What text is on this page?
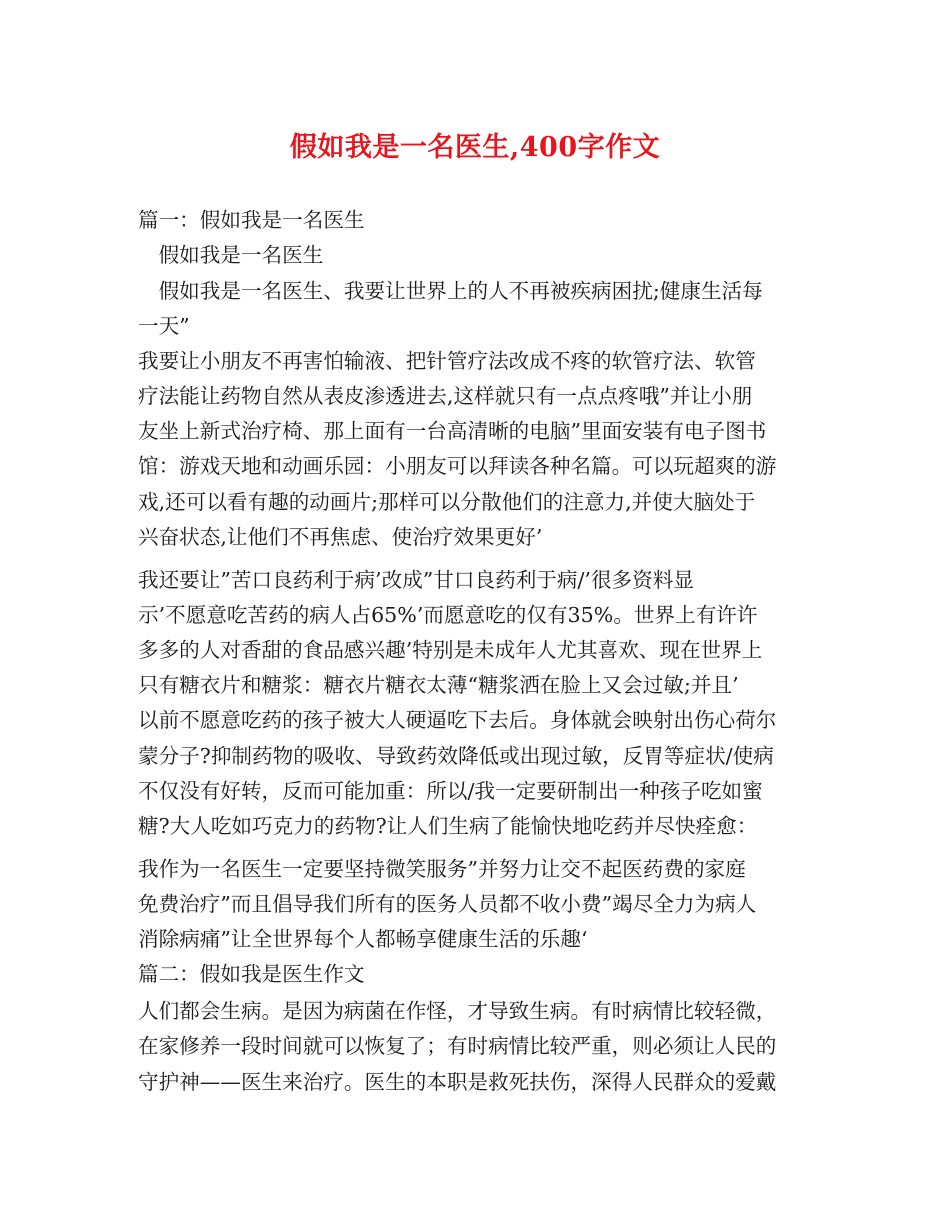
假如我是一名医生,400字作文
篇一：假如我是一名医生
　假如我是一名医生
　假如我是一名医生、我要让世界上的人不再被疾病困扰;健康生活每
一天”
我要让小朋友不再害怕输液、把针管疗法改成不疼的软管疗法、软管
疗法能让药物自然从表皮渗透进去,这样就只有一点点疼哦”并让小朋
友坐上新式治疗椅、那上面有一台高清晰的电脑”里面安装有电子图书
馆：游戏天地和动画乐园：小朋友可以拜读各种名篇。可以玩超爽的游
戏,还可以看有趣的动画片;那样可以分散他们的注意力,并使大脑处于
兴奋状态,让他们不再焦虑、使治疗效果更好’
我还要让”苦口良药利于病’改成”甘口良药利于病/’很多资料显
示’不愿意吃苦药的病人占65%’而愿意吃的仅有35%。世界上有许许
多多的人对香甜的食品感兴趣’特别是未成年人尤其喜欢、现在世界上
只有糖衣片和糖浆：糖衣片糖衣太薄“糖浆洒在脸上又会过敏;并且’
以前不愿意吃药的孩子被大人硬逼吃下去后。身体就会映射出伤心荷尔
蒙分子?抑制药物的吸收、导致药效降低或出现过敏，反胃等症状/使病
不仅没有好转，反而可能加重：所以/我一定要研制出一种孩子吃如蜜
糖?大人吃如巧克力的药物?让人们生病了能愉快地吃药并尽快痊愈：
我作为一名医生一定要坚持微笑服务”并努力让交不起医药费的家庭
免费治疗”而且倡导我们所有的医务人员都不收小费”竭尽全力为病人
消除病痛”让全世界每个人都畅享健康生活的乐趣‘
篇二：假如我是医生作文
人们都会生病。是因为病菌在作怪，才导致生病。有时病情比较轻微，
在家修养一段时间就可以恢复了；有时病情比较严重，则必须让人民的
守护神——医生来治疗。医生的本职是救死扶伤，深得人民群众的爱戴
